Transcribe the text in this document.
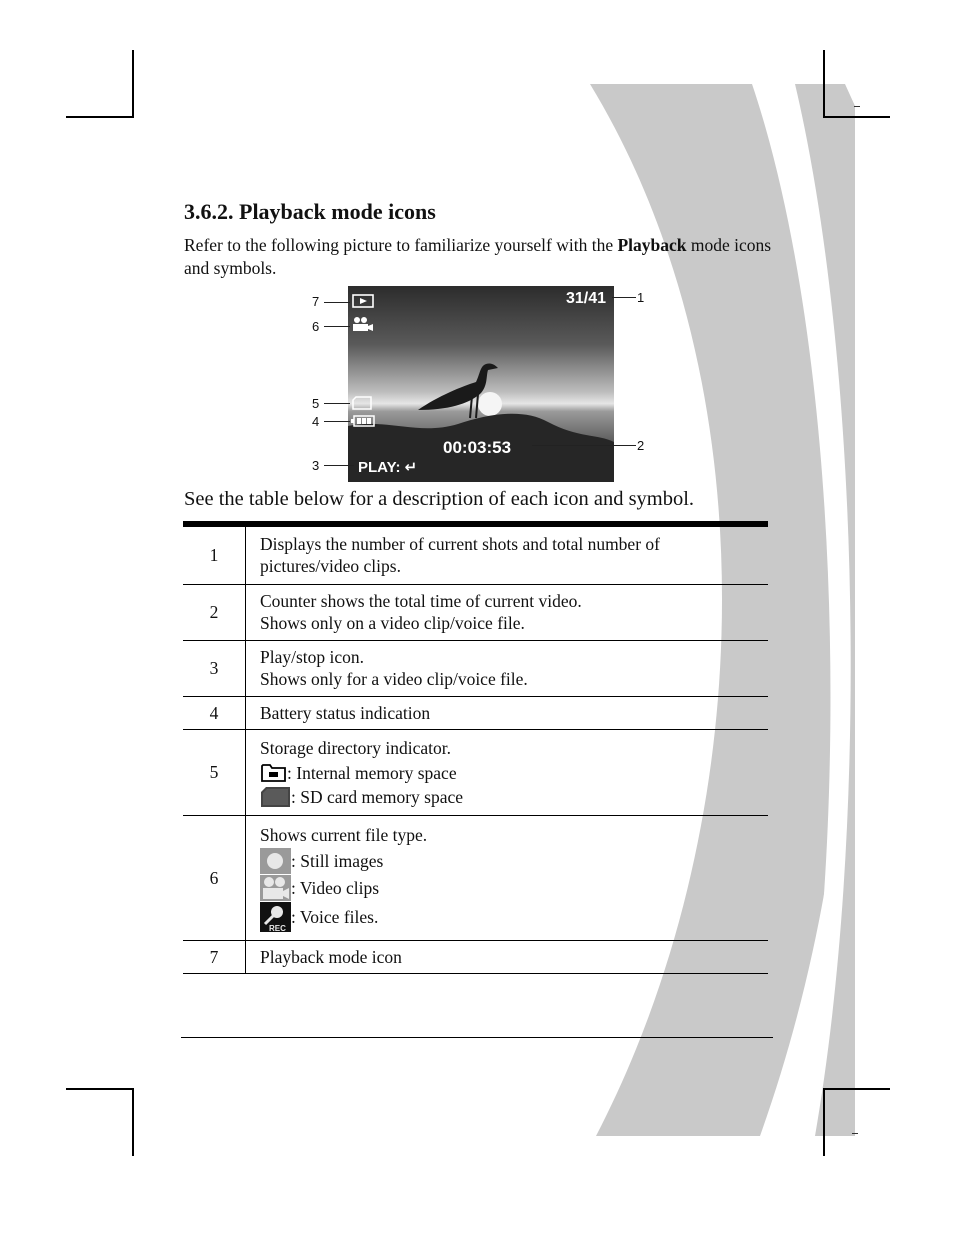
3.6.2. Playback mode icons

Refer to the following picture to familiarize yourself with the Playback mode icons and symbols.

31/41
00:03:53
PLAY: ↵
7
6
5
4
3
1
2

See the table below for a description of each icon and symbol.

1	Displays the number of current shots and total number of pictures/video clips.
2	Counter shows the total time of current video.
Shows only on a video clip/voice file.

3	Play/stop icon.
Shows only for a video clip/voice file.

4	Battery status indication
5	Storage directory indicator.
: Internal memory space
: SD card memory space

6	Shows current file type.
: Still images
: Video clips
REC
: Voice files.

7	Playback mode icon
